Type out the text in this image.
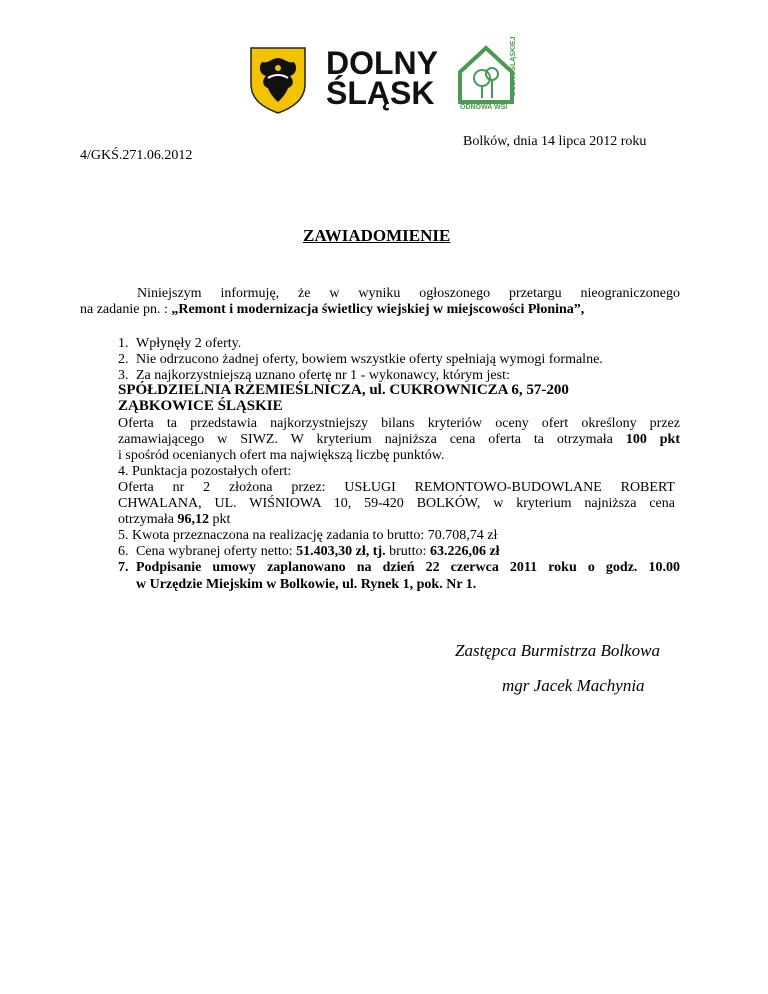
DOLNY
ŚLĄSK	ODNOWA WSI
DOLNOŚLĄSKIEJ
Bolków, dnia 14 lipca 2012 roku
4/GKŚ.271.06.2012
ZAWIADOMIENIE
Niniejszym informuję, że w wyniku ogłoszonego przetargu nieograniczonego
na zadanie pn. : „Remont i modernizacja świetlicy wiejskiej w miejscowości Płonina”,
1. Wpłynęły 2 oferty.
2. Nie odrzucono żadnej oferty, bowiem wszystkie oferty spełniają wymogi formalne.
3. Za najkorzystniejszą uznano ofertę nr 1 - wykonawcy, którym jest:
SPÓŁDZIELNIA RZEMIEŚLNICZA, ul. CUKROWNICZA 6, 57-200
ZĄBKOWICE ŚLĄSKIE
Oferta ta przedstawia najkorzystniejszy bilans kryteriów oceny ofert określony przez
zamawiającego w SIWZ. W kryterium najniższa cena oferta ta otrzymała 100 pkt
i spośród ocenianych ofert ma największą liczbę punktów.
4. Punktacja pozostałych ofert:
Oferta nr 2 złożona przez: USŁUGI REMONTOWO-BUDOWLANE ROBERT
CHWALANA, UL. WIŚNIOWA 10, 59-420 BOLKÓW, w kryterium najniższa cena
otrzymała 96,12 pkt
5. Kwota przeznaczona na realizację zadania to brutto: 70.708,74 zł
6. Cena wybranej oferty netto: 51.403,30 zł, tj. brutto: 63.226,06 zł
7. Podpisanie umowy zaplanowano na dzień 22 czerwca 2011 roku o godz. 10.00
w Urzędzie Miejskim w Bolkowie, ul. Rynek 1, pok. Nr 1.
Zastępca Burmistrza Bolkowa
mgr Jacek Machynia
